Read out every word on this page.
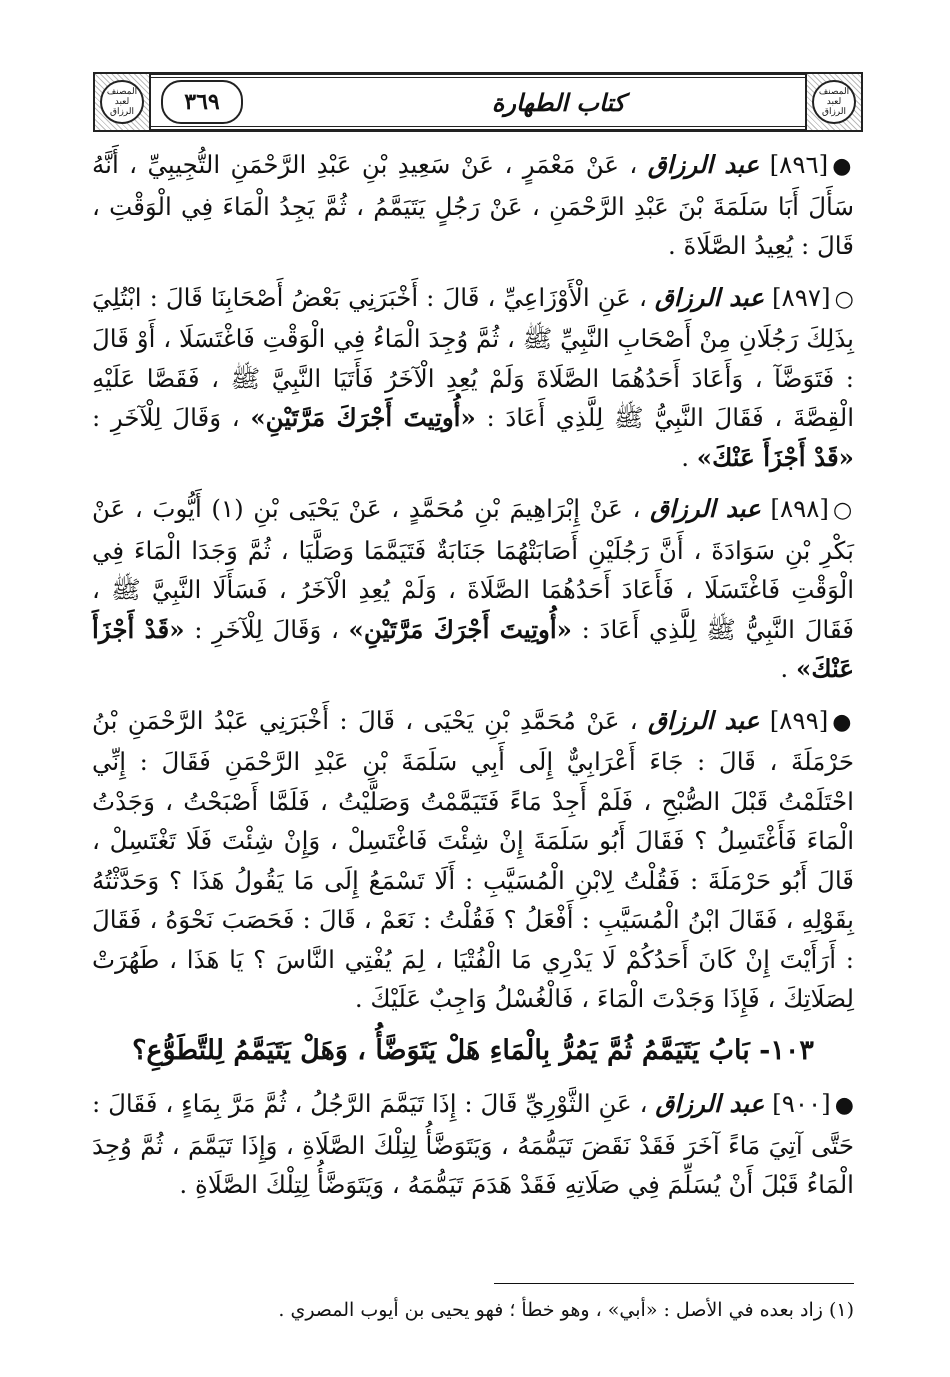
المصنف لعبد الرزاق	كتاب الطهارة
٣٦٩	المصنف لعبد الرزاق

●[٨٩٦] عبد الرزاق ، عَنْ مَعْمَرٍ ، عَنْ سَعِيدِ بْنِ عَبْدِ الرَّحْمَنِ التُّجِيبِيِّ ، أَنَّهُ سَأَلَ أَبَا سَلَمَةَ بْنَ عَبْدِ الرَّحْمَنِ ، عَنْ رَجُلٍ يَتَيَمَّمُ ، ثُمَّ يَجِدُ الْمَاءَ فِي الْوَقْتِ ، قَالَ : يُعِيدُ الصَّلَاةَ .

○[٨٩٧] عبد الرزاق ، عَنِ الْأَوْزَاعِيِّ ، قَالَ : أَخْبَرَنِي بَعْضُ أَصْحَابِنَا قَالَ : ابْتُلِيَ بِذَلِكَ رَجُلَانِ مِنْ أَصْحَابِ النَّبِيِّ ﷺ ، ثُمَّ وُجِدَ الْمَاءُ فِي الْوَقْتِ فَاغْتَسَلَا ، أَوْ قَالَ : فَتَوَضَّآ ، وَأَعَادَ أَحَدُهُمَا الصَّلَاةَ وَلَمْ يُعِدِ الْآخَرُ فَأَتَيَا النَّبِيَّ ﷺ ، فَقَصَّا عَلَيْهِ الْقِصَّةَ ، فَقَالَ النَّبِيُّ ﷺ لِلَّذِي أَعَادَ : «أُوتِيتَ أَجْرَكَ مَرَّتَيْنِ» ، وَقَالَ لِلْآخَرِ : «قَدْ أَجْزَأَ عَنْكَ» .

○[٨٩٨] عبد الرزاق ، عَنْ إِبْرَاهِيمَ بْنِ مُحَمَّدٍ ، عَنْ يَحْيَى بْنِ (١) أَيُّوبَ ، عَنْ بَكْرِ بْنِ سَوَادَةَ ، أَنَّ رَجُلَيْنِ أَصَابَتْهُمَا جَنَابَةٌ فَتَيَمَّمَا وَصَلَّيَا ، ثُمَّ وَجَدَا الْمَاءَ فِي الْوَقْتِ فَاغْتَسَلَا ، فَأَعَادَ أَحَدُهُمَا الصَّلَاةَ ، وَلَمْ يُعِدِ الْآخَرُ ، فَسَأَلَا النَّبِيَّ ﷺ ، فَقَالَ النَّبِيُّ ﷺ لِلَّذِي أَعَادَ : «أُوتِيتَ أَجْرَكَ مَرَّتَيْنِ» ، وَقَالَ لِلْآخَرِ : «قَدْ أَجْزَأَ عَنْكَ» .

●[٨٩٩] عبد الرزاق ، عَنْ مُحَمَّدِ بْنِ يَحْيَى ، قَالَ : أَخْبَرَنِي عَبْدُ الرَّحْمَنِ بْنُ حَرْمَلَةَ ، قَالَ : جَاءَ أَعْرَابِيٌّ إِلَى أَبِي سَلَمَةَ بْنِ عَبْدِ الرَّحْمَنِ فَقَالَ : إِنِّي احْتَلَمْتُ قَبْلَ الصُّبْحِ ، فَلَمْ أَجِدْ مَاءً فَتَيَمَّمْتُ وَصَلَّيْتُ ، فَلَمَّا أَصْبَحْتُ ، وَجَدْتُ الْمَاءَ فَأَغْتَسِلُ ؟ فَقَالَ أَبُو سَلَمَةَ إِنْ شِئْتَ فَاغْتَسِلْ ، وَإِنْ شِئْتَ فَلَا تَغْتَسِلْ ، قَالَ أَبُو حَرْمَلَةَ : فَقُلْتُ لِابْنِ الْمُسَيَّبِ : أَلَا تَسْمَعُ إِلَى مَا يَقُولُ هَذَا ؟ وَحَدَّثْتُهُ بِقَوْلِهِ ، فَقَالَ ابْنُ الْمُسَيَّبِ : أَفْعَلُ ؟ فَقُلْتُ : نَعَمْ ، قَالَ : فَحَصَبَ نَحْوَهُ ، فَقَالَ : أَرَأَيْتَ إِنْ كَانَ أَحَدُكُمْ لَا يَدْرِي مَا الْفُتْيَا ، لِمَ يُفْتِي النَّاسَ ؟ يَا هَذَا ، طَهُرَتْ لِصَلَاتِكَ ، فَإِذَا وَجَدْتَ الْمَاءَ ، فَالْغُسْلُ وَاجِبٌ عَلَيْكَ .

١٠٣- بَابُ يَتَيَمَّمُ ثُمَّ يَمُرُّ بِالْمَاءِ هَلْ يَتَوَضَّأُ ، وَهَلْ يَتَيَمَّمُ لِلتَّطَوُّعِ؟

●[٩٠٠] عبد الرزاق ، عَنِ الثَّوْرِيِّ قَالَ : إِذَا تَيَمَّمَ الرَّجُلُ ، ثُمَّ مَرَّ بِمَاءٍ ، فَقَالَ : حَتَّى آتِيَ مَاءً آخَرَ فَقَدْ نَقَضَ تَيَمُّمَهُ ، وَيَتَوَضَّأُ لِتِلْكَ الصَّلَاةِ ، وَإِذَا تَيَمَّمَ ، ثُمَّ وُجِدَ الْمَاءُ قَبْلَ أَنْ يُسَلِّمَ فِي صَلَاتِهِ فَقَدْ هَدَمَ تَيَمُّمَهُ ، وَيَتَوَضَّأُ لِتِلْكَ الصَّلَاةِ .

(١) زاد بعده في الأصل : «أبي» ، وهو خطأ ؛ فهو يحيى بن أيوب المصري .
